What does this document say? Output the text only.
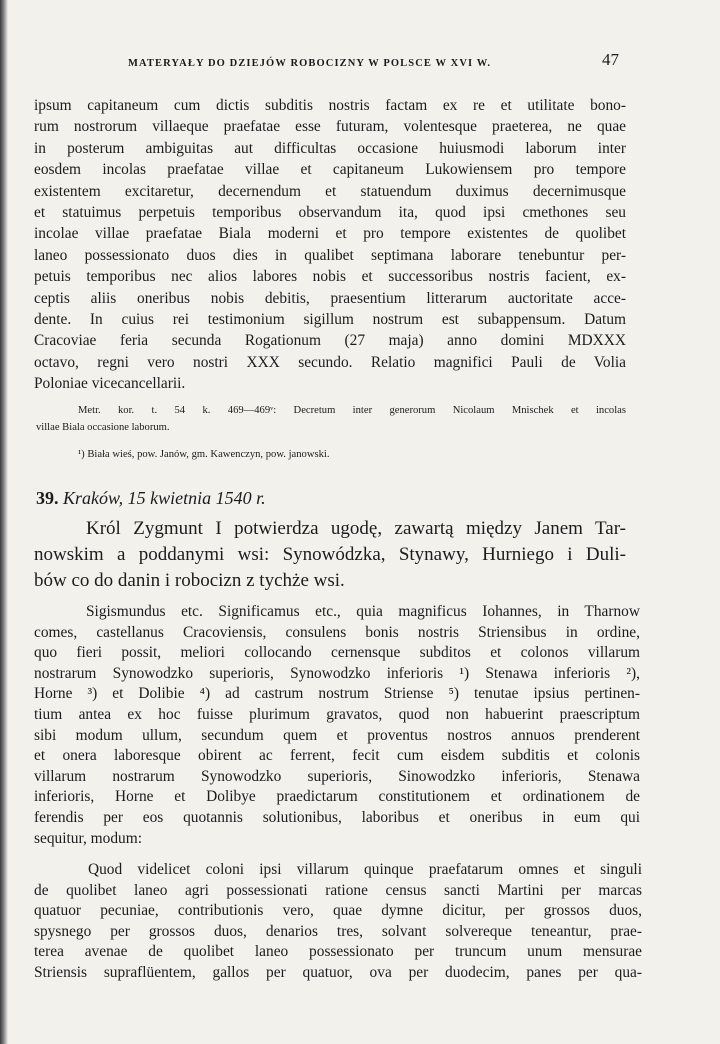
MATERYAŁY DO DZIEJÓW ROBOCIZNY W POLSCE W XVI W.	47
ipsum capitaneum cum dictis subditis nostris factam ex re et utilitate bono-
rum nostrorum villaeque praefatae esse futuram, volentesque praeterea, ne quae
in posterum ambiguitas aut difficultas occasione huiusmodi laborum inter
eosdem incolas praefatae villae et capitaneum Lukowiensem pro tempore
existentem excitaretur, decernendum et statuendum duximus decernimusque
et statuimus perpetuis temporibus observandum ita, quod ipsi cmethones seu
incolae villae praefatae Biala moderni et pro tempore existentes de quolibet
laneo possessionato duos dies in qualibet septimana laborare tenebuntur per-
petuis temporibus nec alios labores nobis et successoribus nostris facient, ex-
ceptis aliis oneribus nobis debitis, praesentium litterarum auctoritate acce-
dente. In cuius rei testimonium sigillum nostrum est subappensum. Datum
Cracoviae feria secunda Rogationum (27 maja) anno domini MDXXX
octavo, regni vero nostri XXX secundo. Relatio magnifici Pauli de Volia
Poloniae vicecancellarii.
Metr. kor. t. 54 k. 469—469ᵛ: Decretum inter generorum Nicolaum Mnischek et incolas
villae Biala occasione laborum.
¹) Biała wieś, pow. Janów, gm. Kawenczyn, pow. janowski.
39. Kraków, 15 kwietnia 1540 r.
Król Zygmunt I potwierdza ugodę, zawartą między Janem Tar-
nowskim a poddanymi wsi: Synowódzka, Stynawy, Hurniego i Duli-
bów co do danin i robocizn z tychże wsi.
Sigismundus etc. Significamus etc., quia magnificus Iohannes, in Tharnow
comes, castellanus Cracoviensis, consulens bonis nostris Striensibus in ordine,
quo fieri possit, meliori collocando cernensque subditos et colonos villarum
nostrarum Synowodzko superioris, Synowodzko inferioris ¹) Stenawa inferioris ²),
Horne ³) et Dolibie ⁴) ad castrum nostrum Striense ⁵) tenutae ipsius pertinen-
tium antea ex hoc fuisse plurimum gravatos, quod non habuerint praescriptum
sibi modum ullum, secundum quem et proventus nostros annuos prenderent
et onera laboresque obirent ac ferrent, fecit cum eisdem subditis et colonis
villarum nostrarum Synowodzko superioris, Sinowodzko inferioris, Stenawa
inferioris, Horne et Dolibye praedictarum constitutionem et ordinationem de
ferendis per eos quotannis solutionibus, laboribus et oneribus in eum qui
sequitur, modum:
Quod videlicet coloni ipsi villarum quinque praefatarum omnes et singuli
de quolibet laneo agri possessionati ratione census sancti Martini per marcas
quatuor pecuniae, contributionis vero, quae dymne dicitur, per grossos duos,
spysnego per grossos duos, denarios tres, solvant solvereque teneantur, prae-
terea avenae de quolibet laneo possessionato per truncum unum mensurae
Striensis supraflüentem, gallos per quatuor, ova per duodecim, panes per qua-
